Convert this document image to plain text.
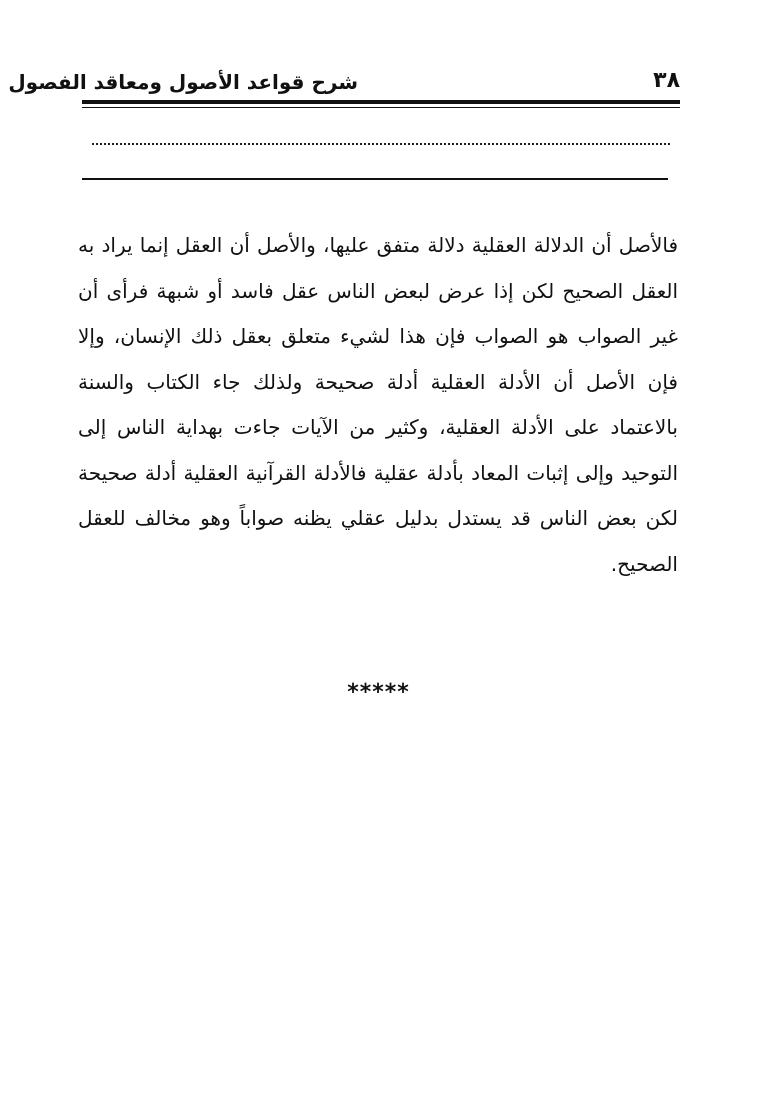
شرح قواعد الأصول ومعاقد الفصول	٣٨

فالأصل أن الدلالة العقلية دلالة متفق عليها، والأصل أن العقل إنما يراد به العقل الصحيح لكن إذا عرض لبعض الناس عقل فاسد أو شبهة فرأى أن غير الصواب هو الصواب فإن هذا لشيء متعلق بعقل ذلك الإنسان، وإلا فإن الأصل أن الأدلة العقلية أدلة صحيحة ولذلك جاء الكتاب والسنة بالاعتماد على الأدلة العقلية، وكثير من الآيات جاءت بهداية الناس إلى التوحيد وإلى إثبات المعاد بأدلة عقلية فالأدلة القرآنية العقلية أدلة صحيحة لكن بعض الناس قد يستدل بدليل عقلي يظنه صواباً وهو مخالف للعقل الصحيح.

*****
